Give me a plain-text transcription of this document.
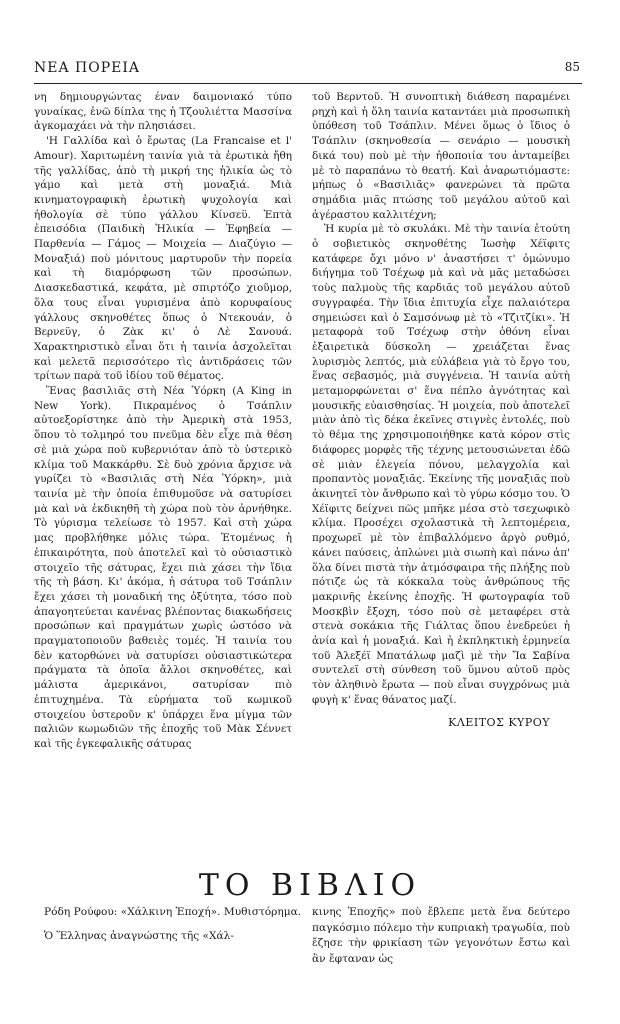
ΝΕΑ ΠΟΡΕΙΑ	85

νη δημιουργώντας έναν δαιμονιακό τύπο γυναίκας, ἐνῶ δίπλα της ἡ Τζουλιέττα Μασσίνα ἀγκομαχάει νὰ τὴν πλησιάσει.

'Η Γαλλίδα καὶ ὁ ἔρωτας (La Francaise et l' Amour). Χαριτωμένη ταινία γιὰ τὰ ἐρωτικὰ ἤθη τῆς γαλλίδας, ἀπὸ τὴ μικρή της ἡλικία ὡς τὸ γάμο καὶ μετὰ στὴ μοναξιά. Μιὰ κινηματογραφικὴ ἐρωτικὴ ψυχολογία καὶ ἠθολογία σὲ τύπο γάλλου Κίνσεϋ. Ἑπτὰ ἐπεισόδια (Παιδικὴ Ἡλικία — Ἐφηβεία — Παρθενία — Γάμος — Μοιχεία — Διαζύγιο — Μοναξιά) ποὺ μόνιτους μαρτυροῦν τὴν πορεία καὶ τὴ διαμόρφωση τῶν προσώπων. Διασκεδαστικά, κεφάτα, μὲ σπιρτόζο χιοῦμορ, ὅλα τους εἶναι γυρισμένα ἀπὸ κορυφαίους γάλλους σκηνοθέτες ὅπως ὁ Ντεκουάν, ὁ Βερνεϋγ, ὁ Ζὰκ κι' ὁ Λὲ Σανουά. Χαρακτηριστικὸ εἶναι ὅτι ἡ ταινία ἀσχολεῖται καὶ μελετᾶ περισσότερο τὶς ἀντιδράσεις τῶν τρίτων παρὰ τοῦ ἰδίου τοῦ θέματος.

Ἕνας βασιλιᾶς στὴ Νέα Ὑόρκη (A King in New York). Πικραμένος ὁ Τσάπλιν αὐτοεξορίστηκε ἀπὸ τὴν Ἀμερικὴ στὰ 1953, ὅπου τὸ τολμηρό του πνεῦμα δὲν εἶχε πιὰ θέση σὲ μιὰ χώρα ποὺ κυβερνιόταν ἀπὸ τὸ ὑστερικὸ κλίμα τοῦ Μακκάρθυ. Σὲ δυὸ χρόνια ἄρχισε νὰ γυρίζει τὸ «Βασιλιᾶς στὴ Νέα Ὑόρκη», μιὰ ταινία μὲ τὴν ὁποία ἐπιθυμοῦσε νὰ σατυρίσει μὰ καὶ νὰ ἐκδικηθῆ τὴ χώρα ποὺ τὸν ἀρνήθηκε. Τὸ γύρισμα τελείωσε τὸ 1957. Καὶ στὴ χώρα μας προβλήθηκε μόλις τώρα. Ἐτομένως ἡ ἐπικαιρότητα, ποὺ ἀποτελεῖ καὶ τὸ οὐσιαστικὸ στοιχεῖο τῆς σάτυρας, ἔχει πιὰ χάσει τὴν ἴδια τῆς τὴ βάση. Κι' ἀκόμα, ἡ σάτυρα τοῦ Τσάπλιν ἔχει χάσει τὴ μοναδική της ὀξύτητα, τόσο ποὺ ἀπαγοητεύεται κανένας βλέποντας διακωδήσεις προσώπων καὶ πραγμάτων χωρὶς ὠστόσο νὰ πραγματοποιοῦν βαθειὲς τομές. Ἡ ταινία του δὲν κατορθώνει νὰ σατυρίσει οὐσιαστικώτερα πράγματα τὰ ὁποῖα ἄλλοι σκηνοθέτες, καὶ μάλιστα ἀμερικάνοι, σατυρίσαν πιὸ ἐπιτυχημένα. Τὰ εὑρήματα τοῦ κωμικοῦ στοιχείου ὑστεροῦν κ' ὑπάρχει ἕνα μίγμα τῶν παλιῶν κωμωδιῶν τῆς ἐποχῆς τοῦ Μὰκ Σέννετ καὶ τῆς ἐγκεφαλικῆς σάτυρας

τοῦ Βερντοῦ. Ἡ συνοπτικὴ διάθεση παραμένει ρηχὴ καὶ ἡ ὅλη ταινία καταντάει μιὰ προσωπικὴ ὑπόθεση τοῦ Τσάπλιν. Μένει ὅμως ὁ ἴδιος ὁ Τσάπλιν (σκηνοθεσία — σενάριο — μουσικὴ δικά του) ποὺ μὲ τὴν ἠθοποιία του ἀνταμείβει μὲ τὸ παραπάνω τὸ θεατή. Καὶ ἀναρωτιόμαστε: μήπως ὁ «Βασιλιᾶς» φανερώνει τὰ πρῶτα σημάδια μιᾶς πτώσης τοῦ μεγάλου αὐτοῦ καὶ ἀγέραστου καλλιτέχνη;

Ἡ κυρία μὲ τὸ σκυλάκι. Μὲ τὴν ταινία ἐτούτη ὁ σοβιετικὸς σκηνοθέτης Ἰωσὴφ Χέϊφιτς κατάφερε ὄχι μόνο ν' ἀναστήσει τ' ὁμώνυμο διήγημα τοῦ Τσέχωφ μὰ καὶ νὰ μᾶς μεταδώσει τοὺς παλμοὺς τῆς καρδιᾶς τοῦ μεγάλου αὐτοῦ συγγραφέα. Τὴν ἴδια ἐπιτυχία εἶχε παλαιότερα σημειώσει καὶ ὁ Σαμσόνωφ μὲ τὸ «Τζιτζίκι». Ἡ μεταφορὰ τοῦ Τσέχωφ στὴν ὀθόνη εἶναι ἐξαιρετικὰ δύσκολη — χρειάζεται ἕνας λυρισμὸς λεπτός, μιὰ εὐλάβεια γιὰ τὸ ἔργο του, ἕνας σεβασμός, μιὰ συγγένεια. Ἡ ταινία αὐτὴ μεταμορφώνεται σ' ἕνα πέπλο ἀγνότητας καὶ μουσικῆς εὐαισθησίας. Ἡ μοιχεία, ποὺ ἀποτελεῖ μιὰν ἀπὸ τὶς δέκα ἐκεῖνες στιγνὲς ἐντολές, ποὺ τὸ θέμα της χρησιμοποιήθηκε κατὰ κόρον στὶς διάφορες μορφὲς τῆς τέχνης μετουσιώνεται ἐδῶ σὲ μιὰν ἐλεγεία πόνου, μελαγχολία καὶ προπαντὸς μοναξιᾶς. Ἐκείνης τῆς μοναξιᾶς ποὺ ἀκινητεῖ τὸν ἄνθρωπο καὶ τὸ γύρω κόσμο του. Ὁ Χέϊφιτς δείχνει πῶς μπῆκε μέσα στὸ τσεχωφικὸ κλίμα. Προσέχει σχολαστικὰ τὴ λεπτομέρεια, προχωρεῖ μὲ τὸν ἐπιβαλλόμενο ἀργὸ ρυθμό, κάνει παύσεις, ἁπλώνει μιὰ σιωπὴ καὶ πάνω ἀπ' ὅλα δίνει πιστὰ τὴν ἀτμόσφαιρα τῆς πλήξης ποὺ πότιζε ὡς τὰ κόκκαλα τοὺς ἀνθρώπους τῆς μακρινῆς ἐκείνης ἐποχῆς. Ἡ φωτογραφία τοῦ Μοσκβὶν ἔξοχη, τόσο ποὺ σὲ μεταφέρει στὰ στενὰ σοκάκια τῆς Γιάλτας ὅπου ἐνεδρεύει ἡ ἀνία καὶ ἡ μοναξιά. Καὶ ἡ ἐκπληκτικὴ ἑρμηνεία τοῦ Ἀλεξέϊ Μπατάλωφ μαζὶ μὲ τὴν Ἴα Σαβίνα συντελεῖ στὴ σύνθεση τοῦ ὕμνου αὐτοῦ πρὸς τὸν ἀληθινὸ ἔρωτα — ποὺ εἶναι συγχρόνως μιὰ φυγὴ κ' ἕνας θάνατος μαζί.

ΚΛΕΙΤΟΣ ΚΥΡΟΥ
ΤΟ ΒΙΒΛΙΟ

Ρόδη Ρούφου: «Χάλκινη Ἐποχή». Μυθιστόρημα.

Ὁ Ἕλληνας ἀναγνώστης τῆς «Χάλ-

κινης Ἐποχῆς» ποὺ ἔβλεπε μετὰ ἕνα δεύτερο παγκόσμιο πόλεμο τὴν κυπριακὴ τραγωδία, ποὺ ἔζησε τὴν φρικίαση τῶν γεγονότων ἔστω καὶ ἂν ἔφταναν ὡς
